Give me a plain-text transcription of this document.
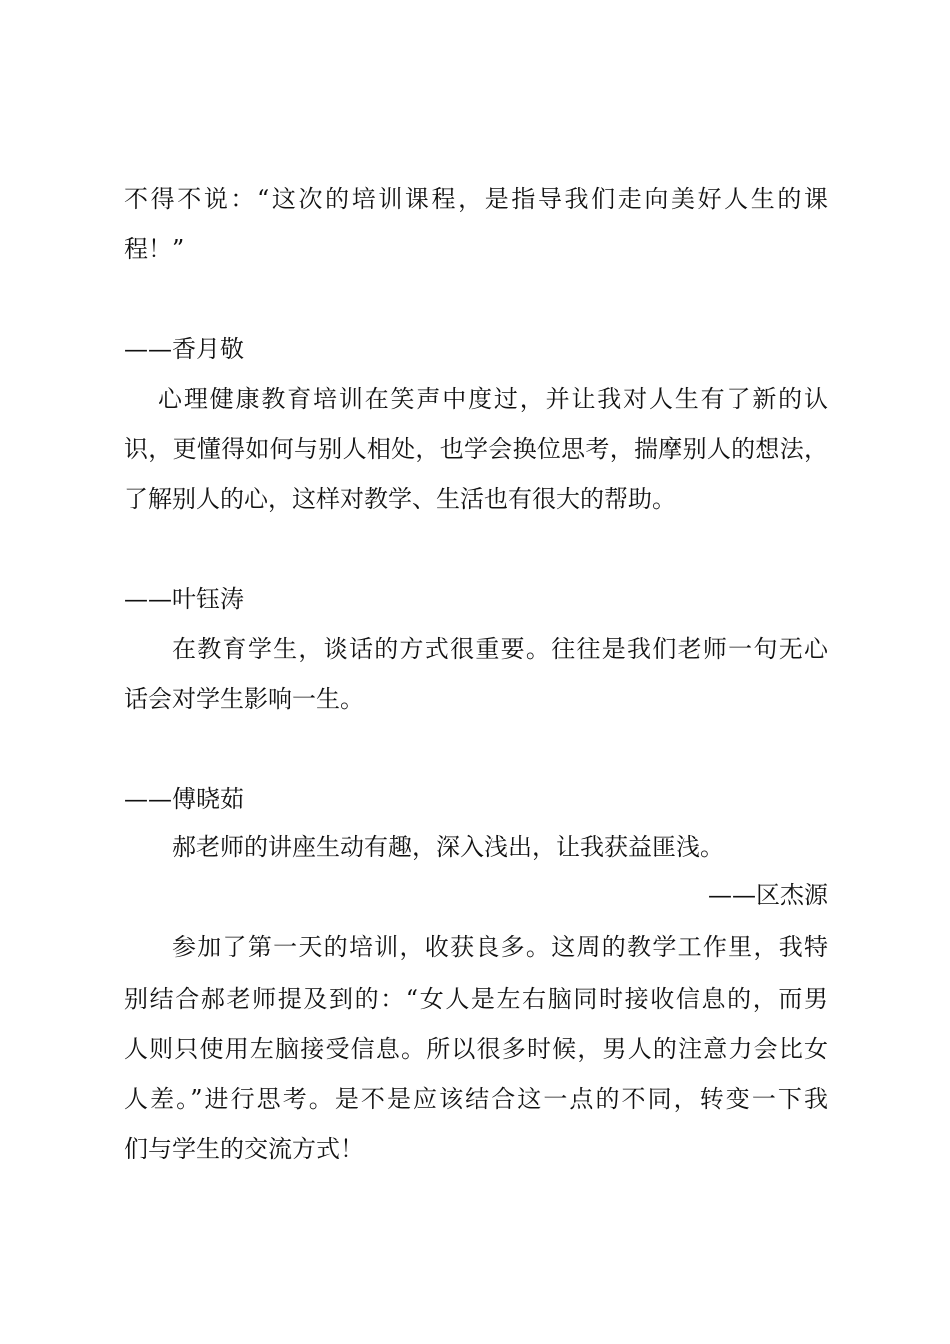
不得不说：“这次的培训课程，是指导我们走向美好人生的课
程！”
——香月敬
心理健康教育培训在笑声中度过，并让我对人生有了新的认
识，更懂得如何与别人相处，也学会换位思考，揣摩别人的想法，
了解别人的心，这样对教学、生活也有很大的帮助。
——叶钰涛
在教育学生，谈话的方式很重要。往往是我们老师一句无心
话会对学生影响一生。
——傅晓茹
郝老师的讲座生动有趣，深入浅出，让我获益匪浅。
——区杰源
参加了第一天的培训，收获良多。这周的教学工作里，我特
别结合郝老师提及到的：“女人是左右脑同时接收信息的，而男
人则只使用左脑接受信息。所以很多时候，男人的注意力会比女
人差。”进行思考。是不是应该结合这一点的不同，转变一下我
们与学生的交流方式！
